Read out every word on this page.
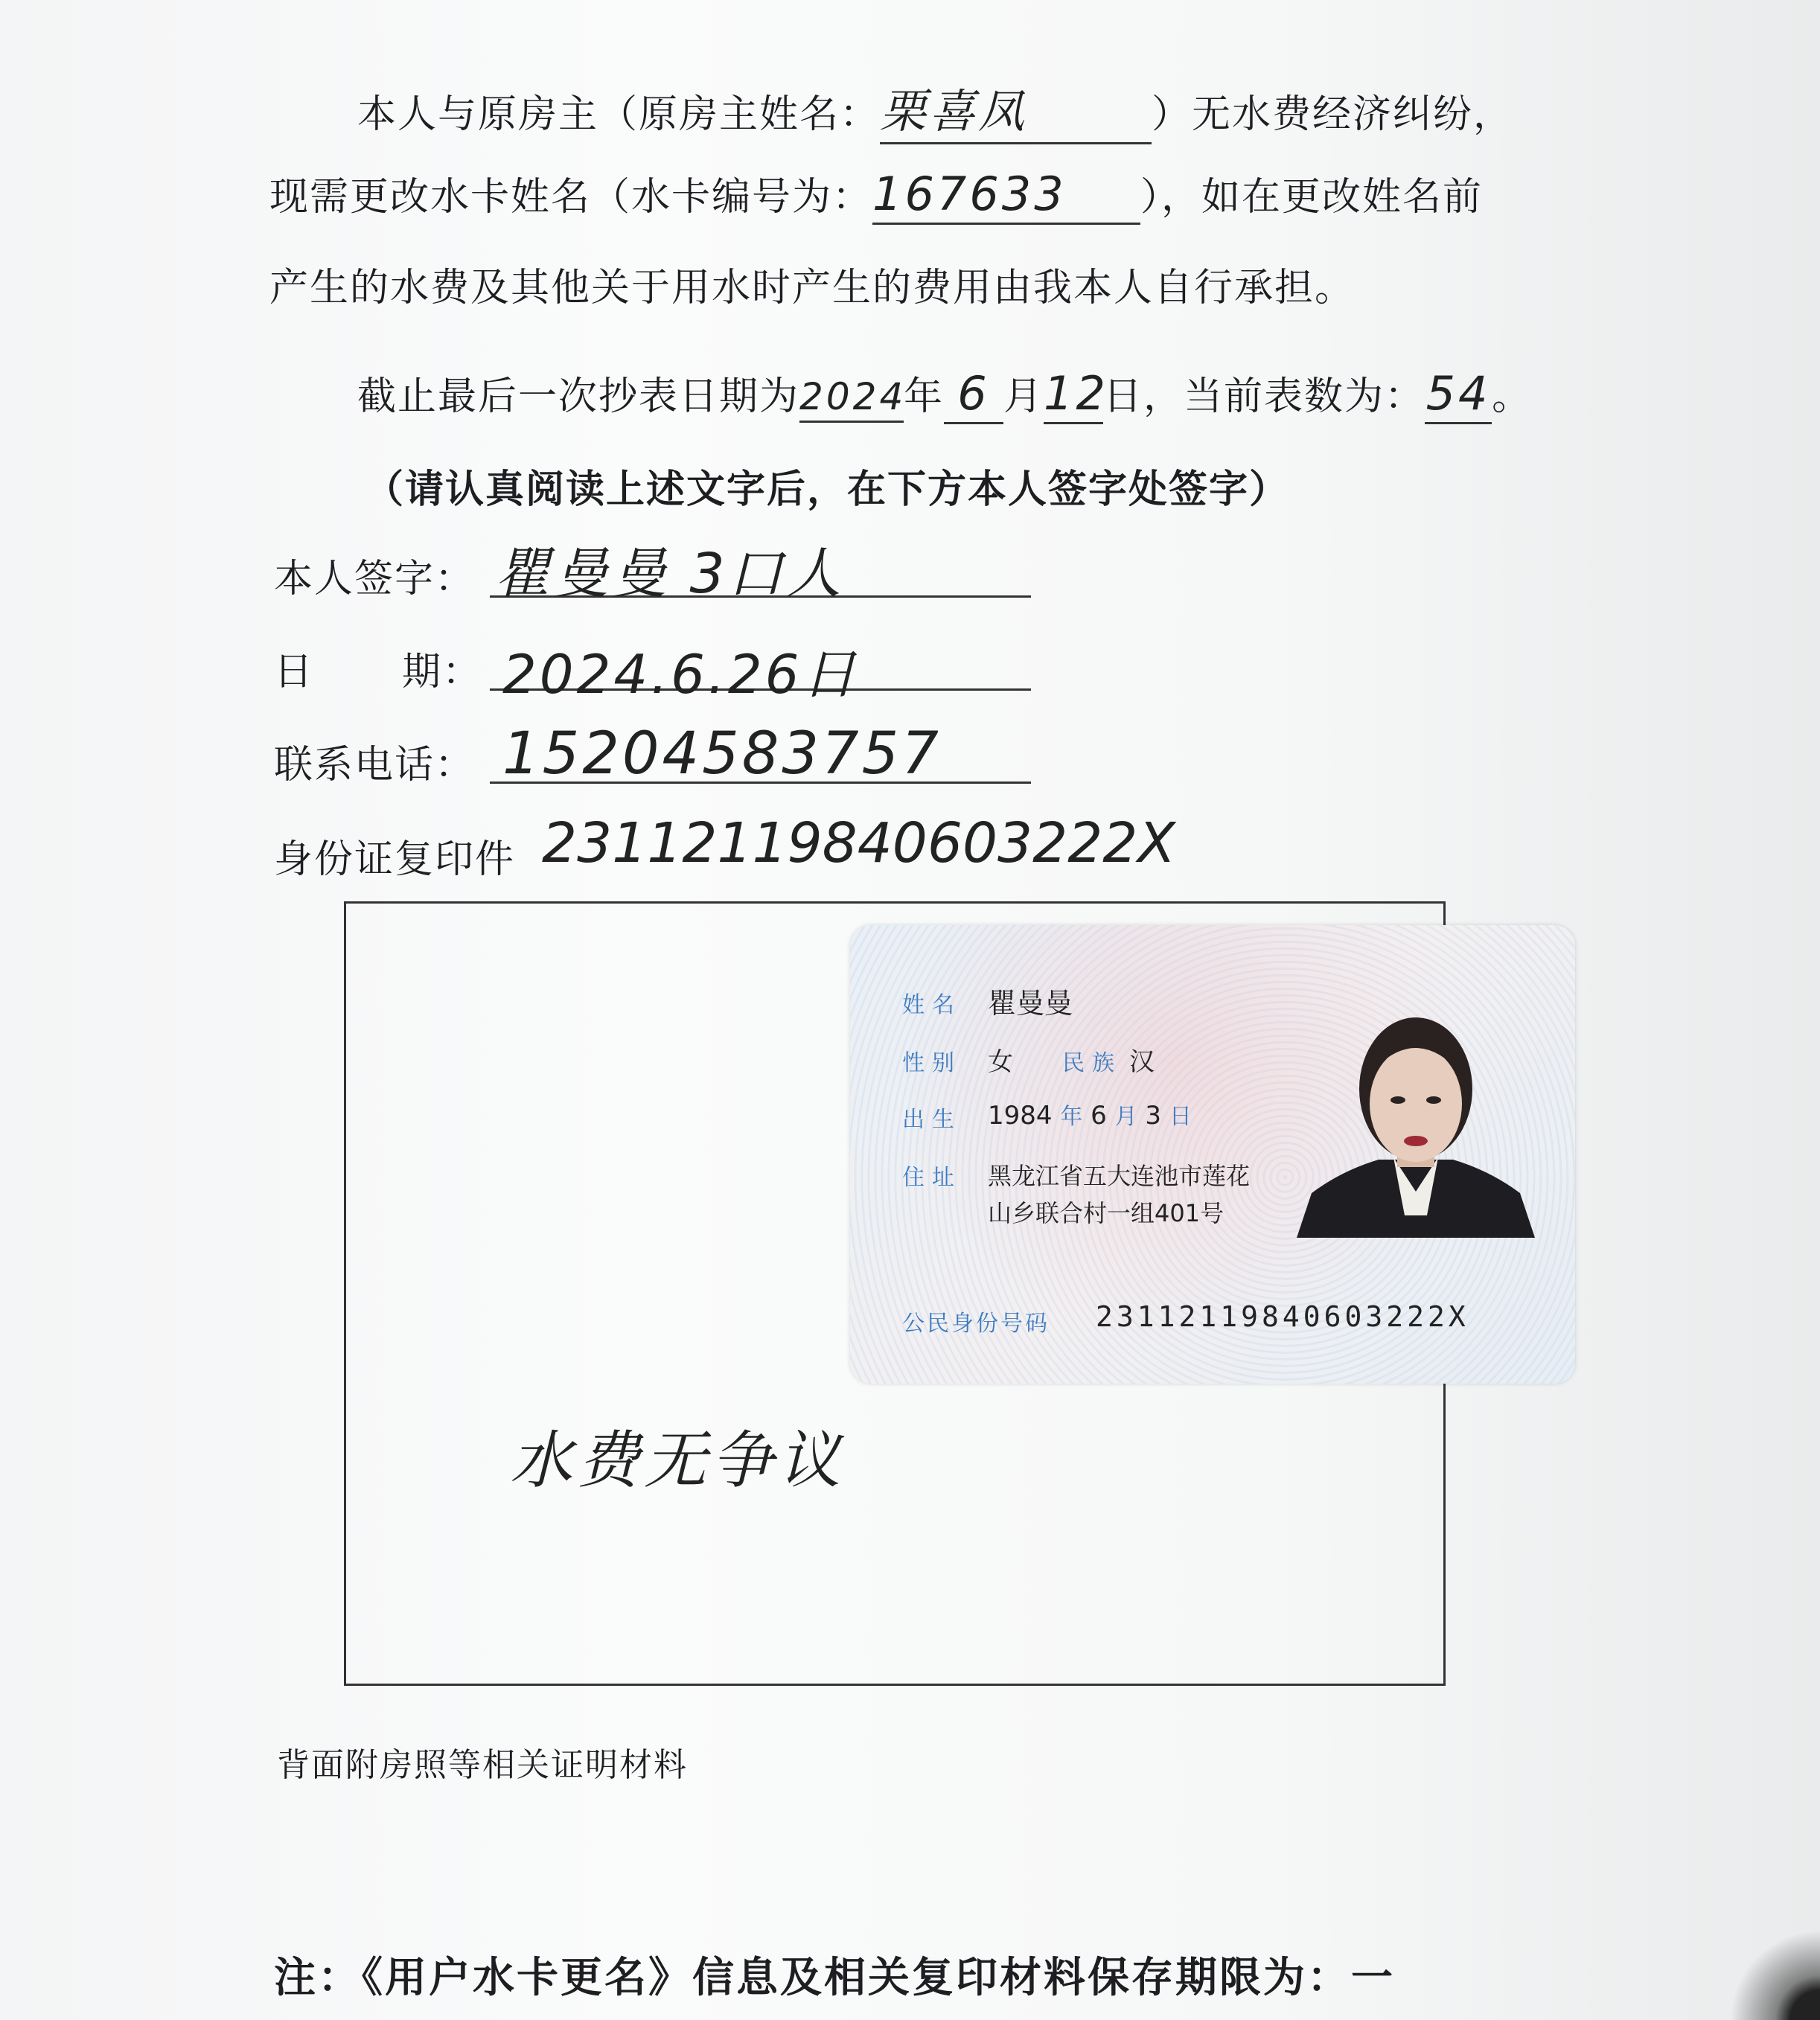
本人与原房主（原房主姓名：栗喜凤	）无水费经济纠纷，
现需更改水卡姓名（水卡编号为：167633 ），如在更改姓名前
产生的水费及其他关于用水时产生的费用由我本人自行承担。
截止最后一次抄表日期为2024年 6 月12日，当前表数为：54。
（请认真阅读上述文字后，在下方本人签字处签字）
本人签字： 瞿曼曼 3口人
日 期： 2024.6.26日
联系电话： 15204583757
身份证复印件 23112119840603222X
姓名 瞿曼曼
性别 女 民族 汉
出生 1984 年 6 月 3 日
住址 黑龙江省五大连池市莲花
山乡联合村一组401号
公民身份号码 23112119840603222X
水费无争议
背面附房照等相关证明材料
注：《用户水卡更名》信息及相关复印材料保存期限为：一
